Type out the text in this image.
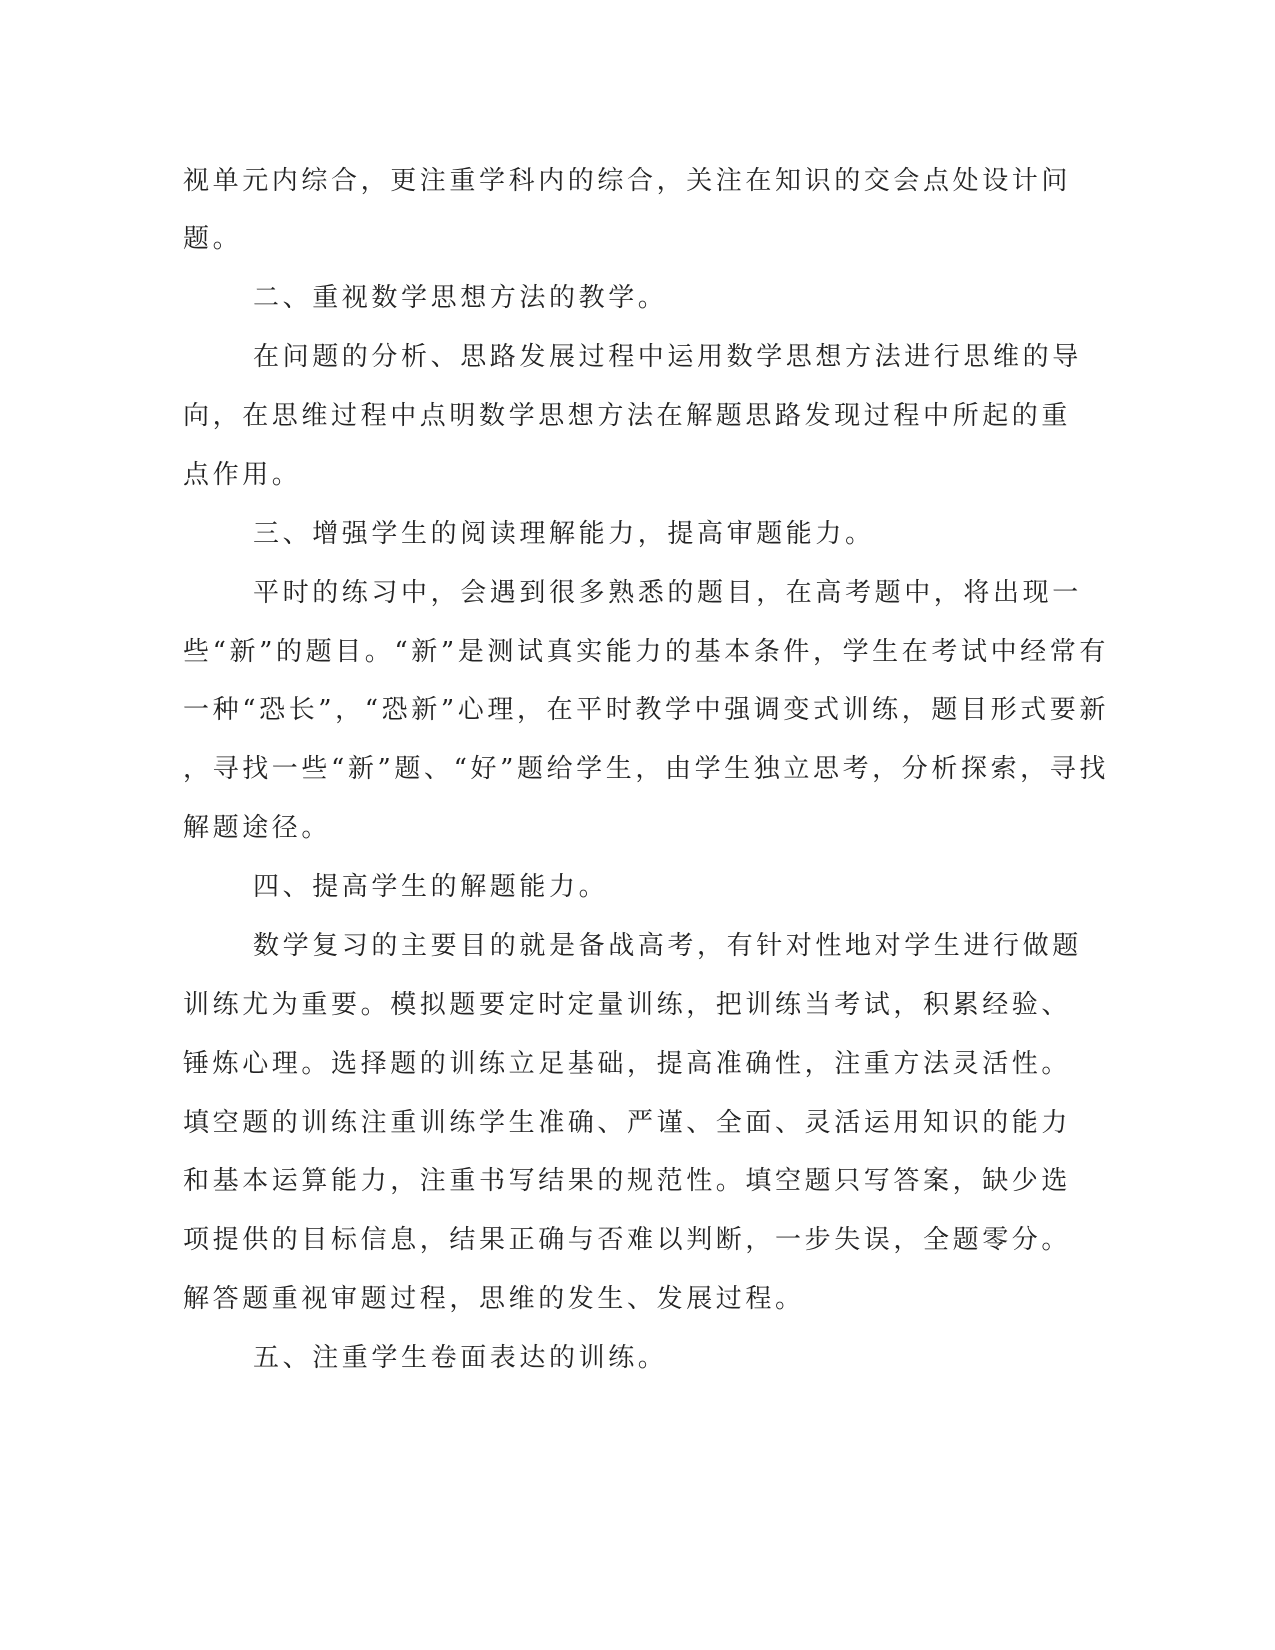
视单元内综合，更注重学科内的综合，关注在知识的交会点处设计问
题。
二、重视数学思想方法的教学。
在问题的分析、思路发展过程中运用数学思想方法进行思维的导
向，在思维过程中点明数学思想方法在解题思路发现过程中所起的重
点作用。
三、增强学生的阅读理解能力，提高审题能力。
平时的练习中，会遇到很多熟悉的题目，在高考题中，将出现一
些“新”的题目。“新”是测试真实能力的基本条件，学生在考试中经常有
一种“恐长”，“恐新”心理，在平时教学中强调变式训练，题目形式要新
，寻找一些“新”题、“好”题给学生，由学生独立思考，分析探索，寻找
解题途径。
四、提高学生的解题能力。
数学复习的主要目的就是备战高考，有针对性地对学生进行做题
训练尤为重要。模拟题要定时定量训练，把训练当考试，积累经验、
锤炼心理。选择题的训练立足基础，提高准确性，注重方法灵活性。
填空题的训练注重训练学生准确、严谨、全面、灵活运用知识的能力
和基本运算能力，注重书写结果的规范性。填空题只写答案，缺少选
项提供的目标信息，结果正确与否难以判断，一步失误，全题零分。
解答题重视审题过程，思维的发生、发展过程。
五、注重学生卷面表达的训练。
